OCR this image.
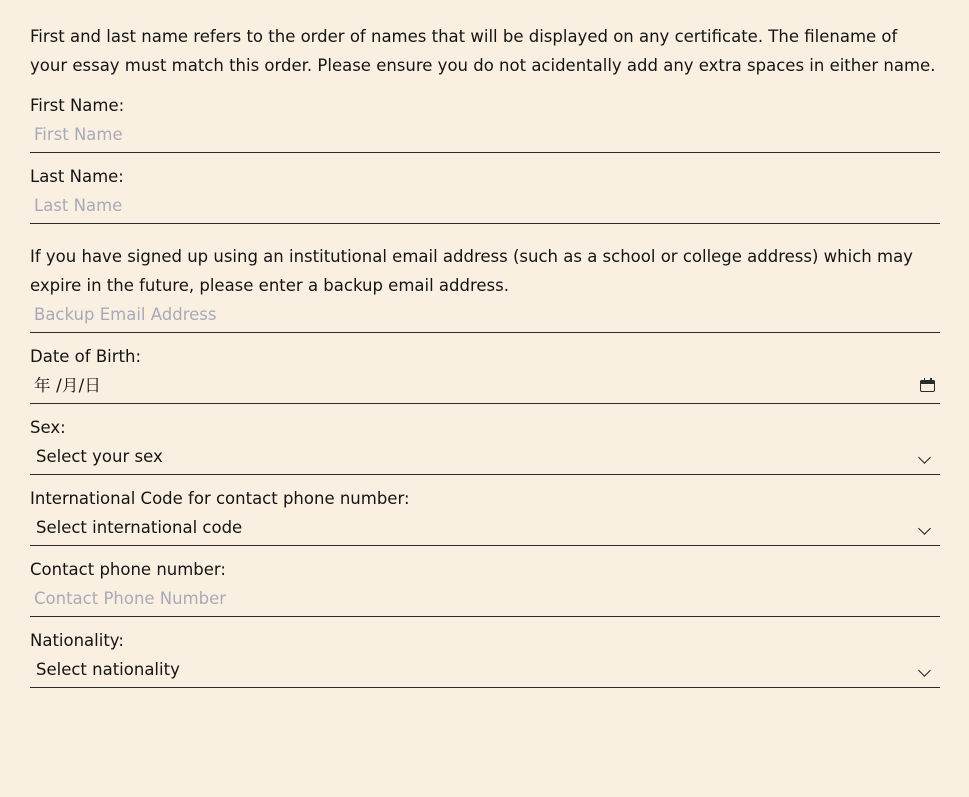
First and last name refers to the order of names that will be displayed on any certificate. The filename of your essay must match this order. Please ensure you do not acidentally add any extra spaces in either name.

First Name:
First Name
Last Name:
Last Name

If you have signed up using an institutional email address (such as a school or college address) which may expire in the future, please enter a backup email address.

Backup Email Address
Date of Birth:
年 /月/日
Sex:
Select your sex
International Code for contact phone number:
Select international code
Contact phone number:
Contact Phone Number
Nationality:
Select nationality
